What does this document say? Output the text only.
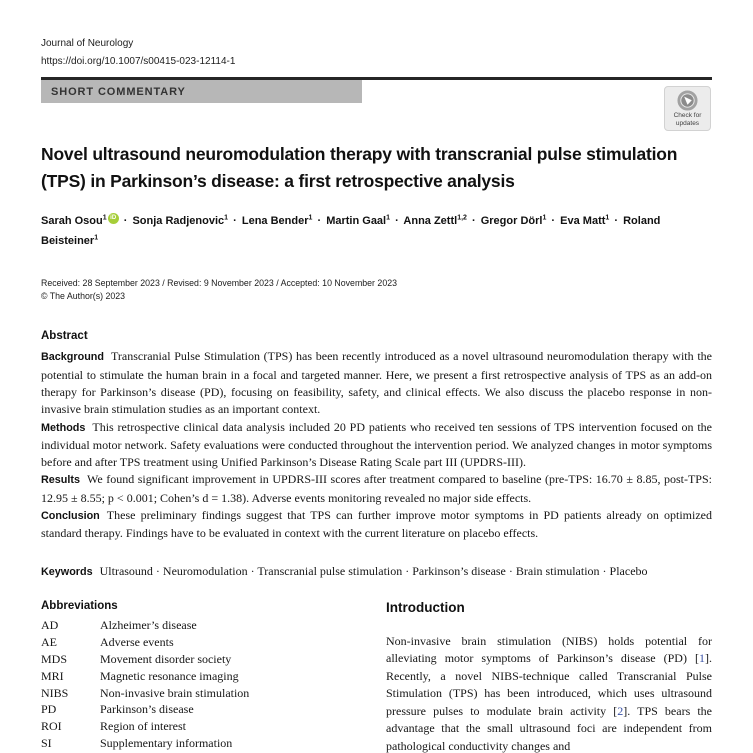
Journal of Neurology
https://doi.org/10.1007/s00415-023-12114-1
SHORT COMMENTARY
Novel ultrasound neuromodulation therapy with transcranial pulse stimulation (TPS) in Parkinson’s disease: a first retrospective analysis
Sarah Osou$^1$ iD · Sonja Radjenovic$^1$ · Lena Bender$^1$ · Martin Gaal$^1$ · Anna Zettl$^{1,2}$ · Gregor Dörl$^1$ · Eva Matt$^1$ · Roland Beisteiner$^1$
Received: 28 September 2023 / Revised: 9 November 2023 / Accepted: 10 November 2023
© The Author(s) 2023
Abstract
Background Transcranial Pulse Stimulation (TPS) has been recently introduced as a novel ultrasound neuromodulation therapy with the potential to stimulate the human brain in a focal and targeted manner. Here, we present a first retrospective analysis of TPS as an add-on therapy for Parkinson’s disease (PD), focusing on feasibility, safety, and clinical effects. We also discuss the placebo response in non-invasive brain stimulation studies as an important context.
Methods This retrospective clinical data analysis included 20 PD patients who received ten sessions of TPS intervention focused on the individual motor network. Safety evaluations were conducted throughout the intervention period. We analyzed changes in motor symptoms before and after TPS treatment using Unified Parkinson’s Disease Rating Scale part III (UPDRS-III).
Results We found significant improvement in UPDRS-III scores after treatment compared to baseline (pre-TPS: 16.70 ± 8.85, post-TPS: 12.95 ± 8.55; p < 0.001; Cohen’s d = 1.38). Adverse events monitoring revealed no major side effects.
Conclusion These preliminary findings suggest that TPS can further improve motor symptoms in PD patients already on optimized standard therapy. Findings have to be evaluated in context with the current literature on placebo effects.
Keywords Ultrasound · Neuromodulation · Transcranial pulse stimulation · Parkinson’s disease · Brain stimulation · Placebo
Abbreviations
AD	Alzheimer’s disease
AE	Adverse events
MDS	Movement disorder society
MRI	Magnetic resonance imaging
NIBS	Non-invasive brain stimulation
PD	Parkinson’s disease
ROI	Region of interest
SI	Supplementary information
Introduction
Non-invasive brain stimulation (NIBS) holds potential for alleviating motor symptoms of Parkinson’s disease (PD) [1]. Recently, a novel NIBS-technique called Transcranial Pulse Stimulation (TPS) has been introduced, which uses ultrasound pressure pulses to modulate brain activity [2]. TPS bears the advantage that the small ultrasound foci are independent from pathological conductivity changes and
Check for
updates
